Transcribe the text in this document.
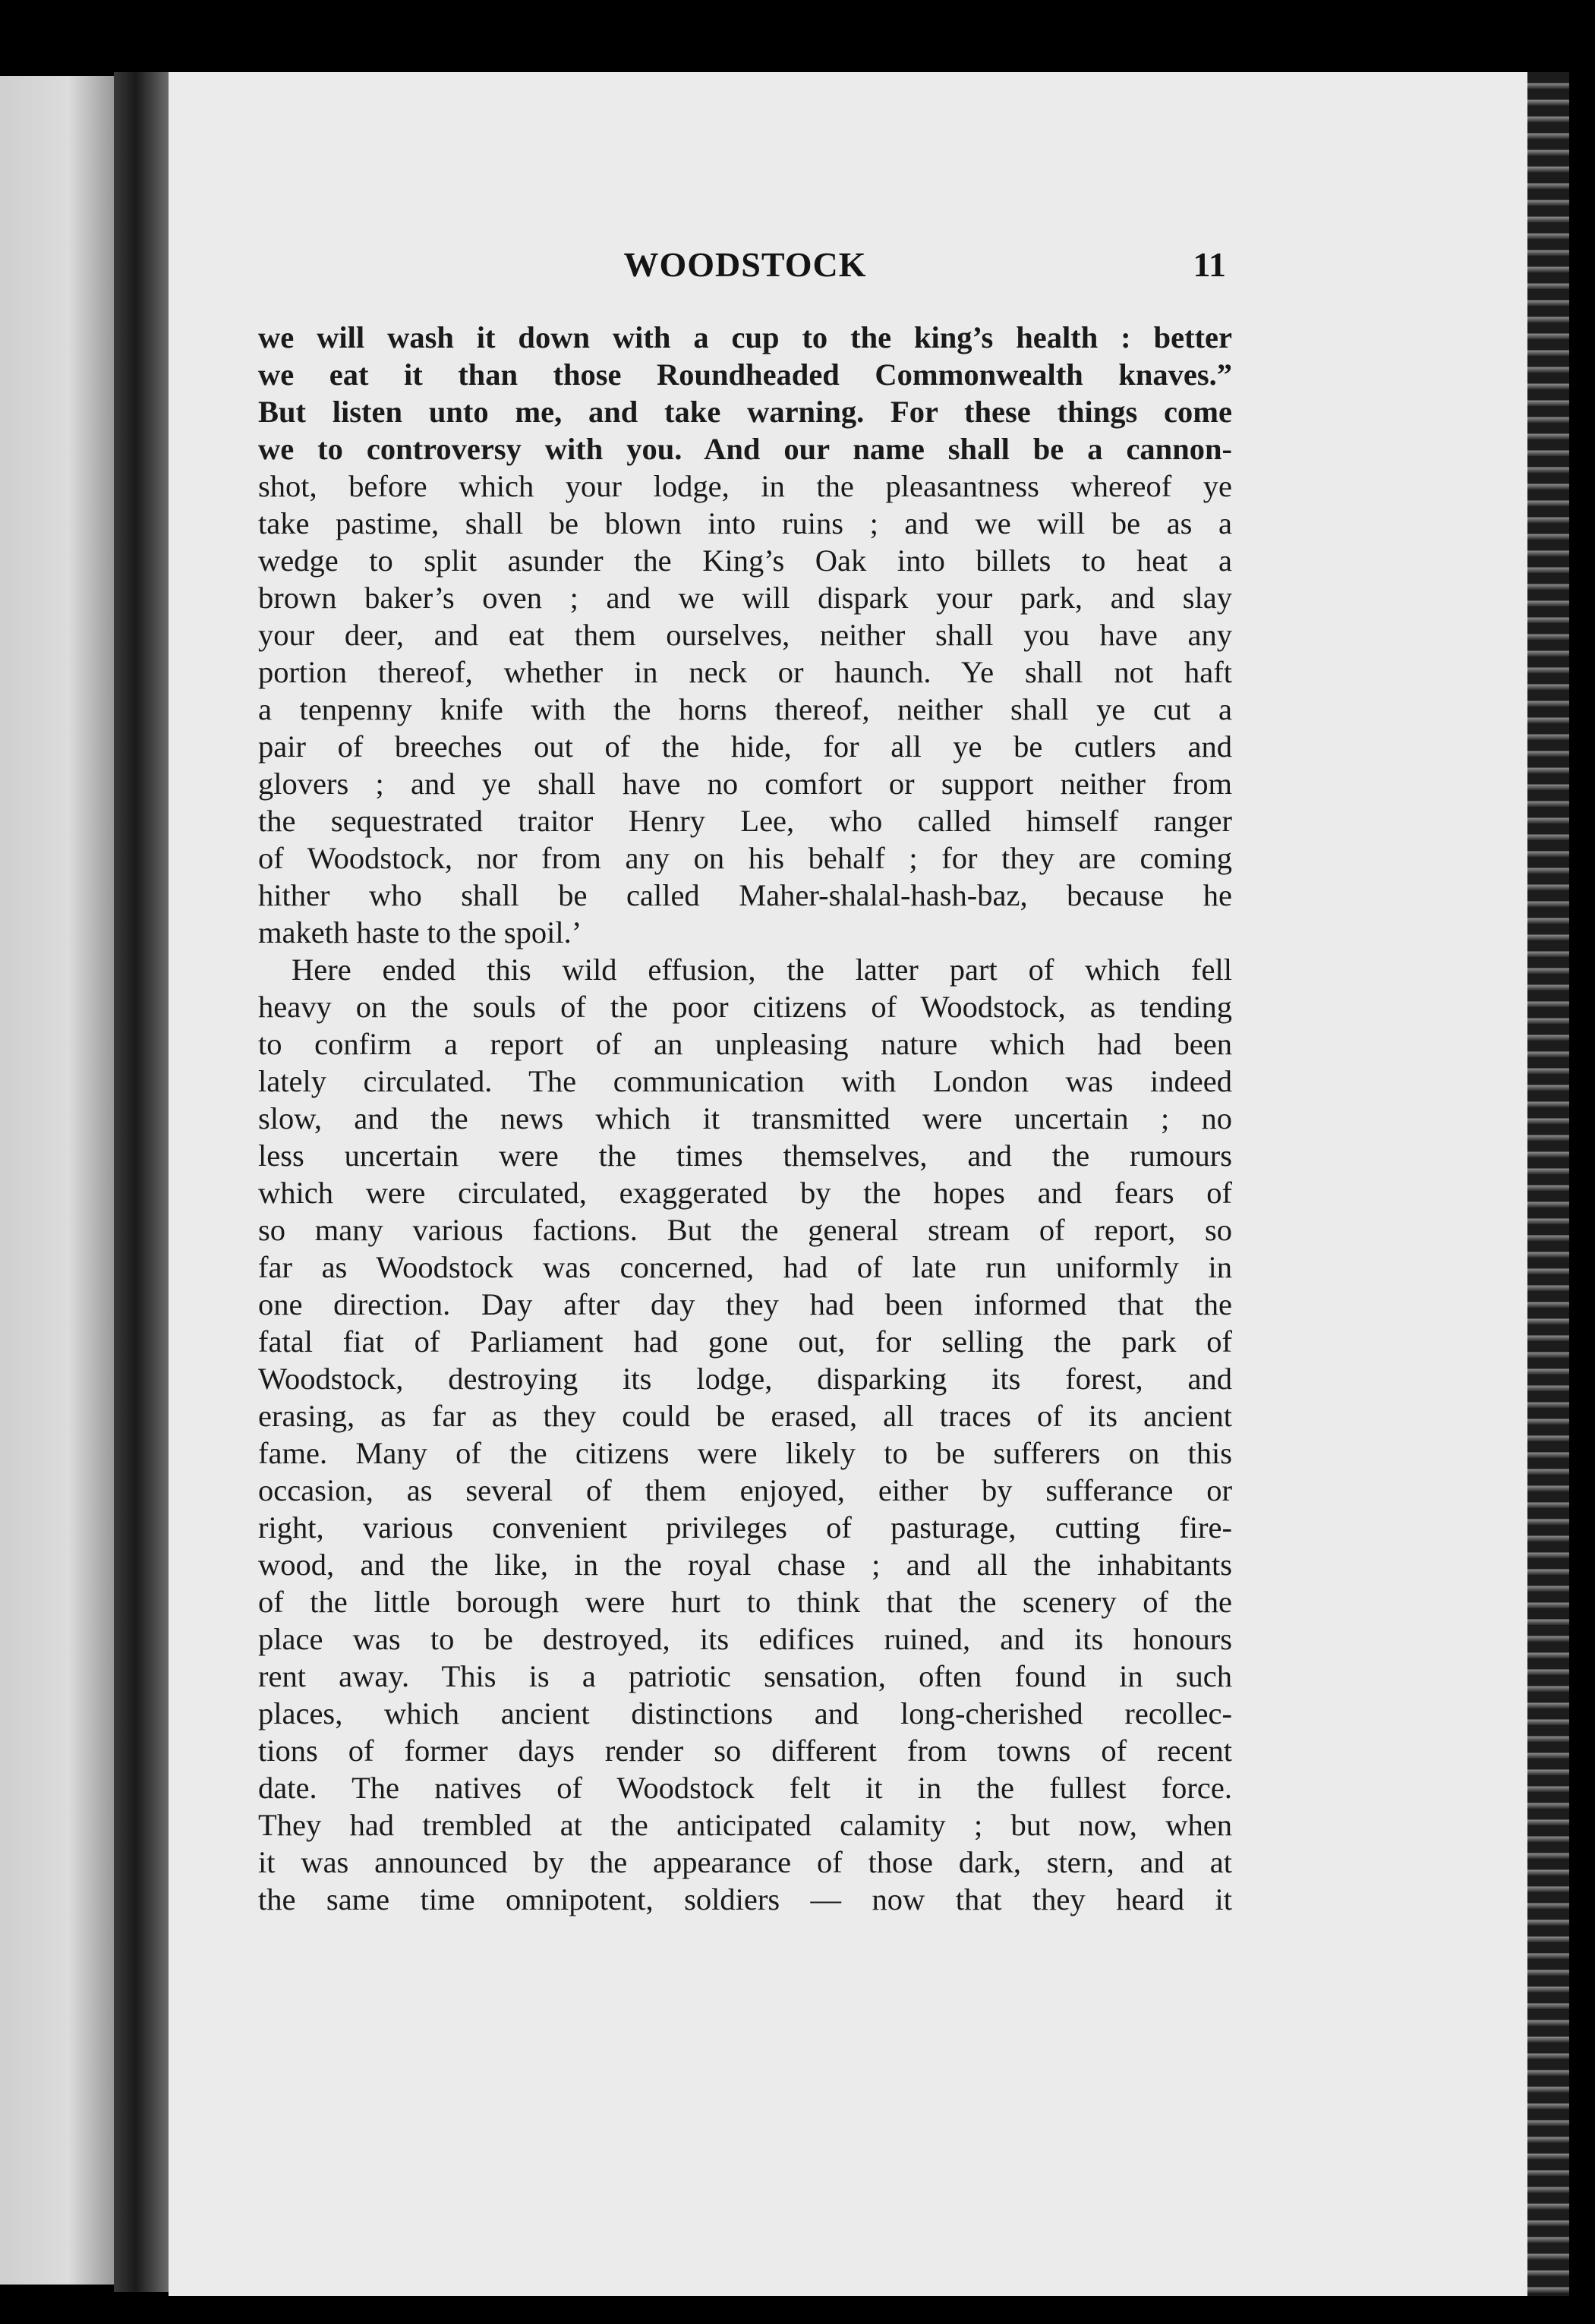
WOODSTOCK	11
we will wash it down with a cup to the king’s health : better
we eat it than those Roundheaded Commonwealth knaves.”
But listen unto me, and take warning. For these things come
we to controversy with you. And our name shall be a cannon-
shot, before which your lodge, in the pleasantness whereof ye
take pastime, shall be blown into ruins ; and we will be as a
wedge to split asunder the King’s Oak into billets to heat a
brown baker’s oven ; and we will dispark your park, and slay
your deer, and eat them ourselves, neither shall you have any
portion thereof, whether in neck or haunch. Ye shall not haft
a tenpenny knife with the horns thereof, neither shall ye cut a
pair of breeches out of the hide, for all ye be cutlers and
glovers ; and ye shall have no comfort or support neither from
the sequestrated traitor Henry Lee, who called himself ranger
of Woodstock, nor from any on his behalf ; for they are coming
hither who shall be called Maher-shalal-hash-baz, because he
maketh haste to the spoil.’
Here ended this wild effusion, the latter part of which fell
heavy on the souls of the poor citizens of Woodstock, as tending
to confirm a report of an unpleasing nature which had been
lately circulated. The communication with London was indeed
slow, and the news which it transmitted were uncertain ; no
less uncertain were the times themselves, and the rumours
which were circulated, exaggerated by the hopes and fears of
so many various factions. But the general stream of report, so
far as Woodstock was concerned, had of late run uniformly in
one direction. Day after day they had been informed that the
fatal fiat of Parliament had gone out, for selling the park of
Woodstock, destroying its lodge, disparking its forest, and
erasing, as far as they could be erased, all traces of its ancient
fame. Many of the citizens were likely to be sufferers on this
occasion, as several of them enjoyed, either by sufferance or
right, various convenient privileges of pasturage, cutting fire-
wood, and the like, in the royal chase ; and all the inhabitants
of the little borough were hurt to think that the scenery of the
place was to be destroyed, its edifices ruined, and its honours
rent away. This is a patriotic sensation, often found in such
places, which ancient distinctions and long-cherished recollec-
tions of former days render so different from towns of recent
date. The natives of Woodstock felt it in the fullest force.
They had trembled at the anticipated calamity ; but now, when
it was announced by the appearance of those dark, stern, and at
the same time omnipotent, soldiers — now that they heard it
